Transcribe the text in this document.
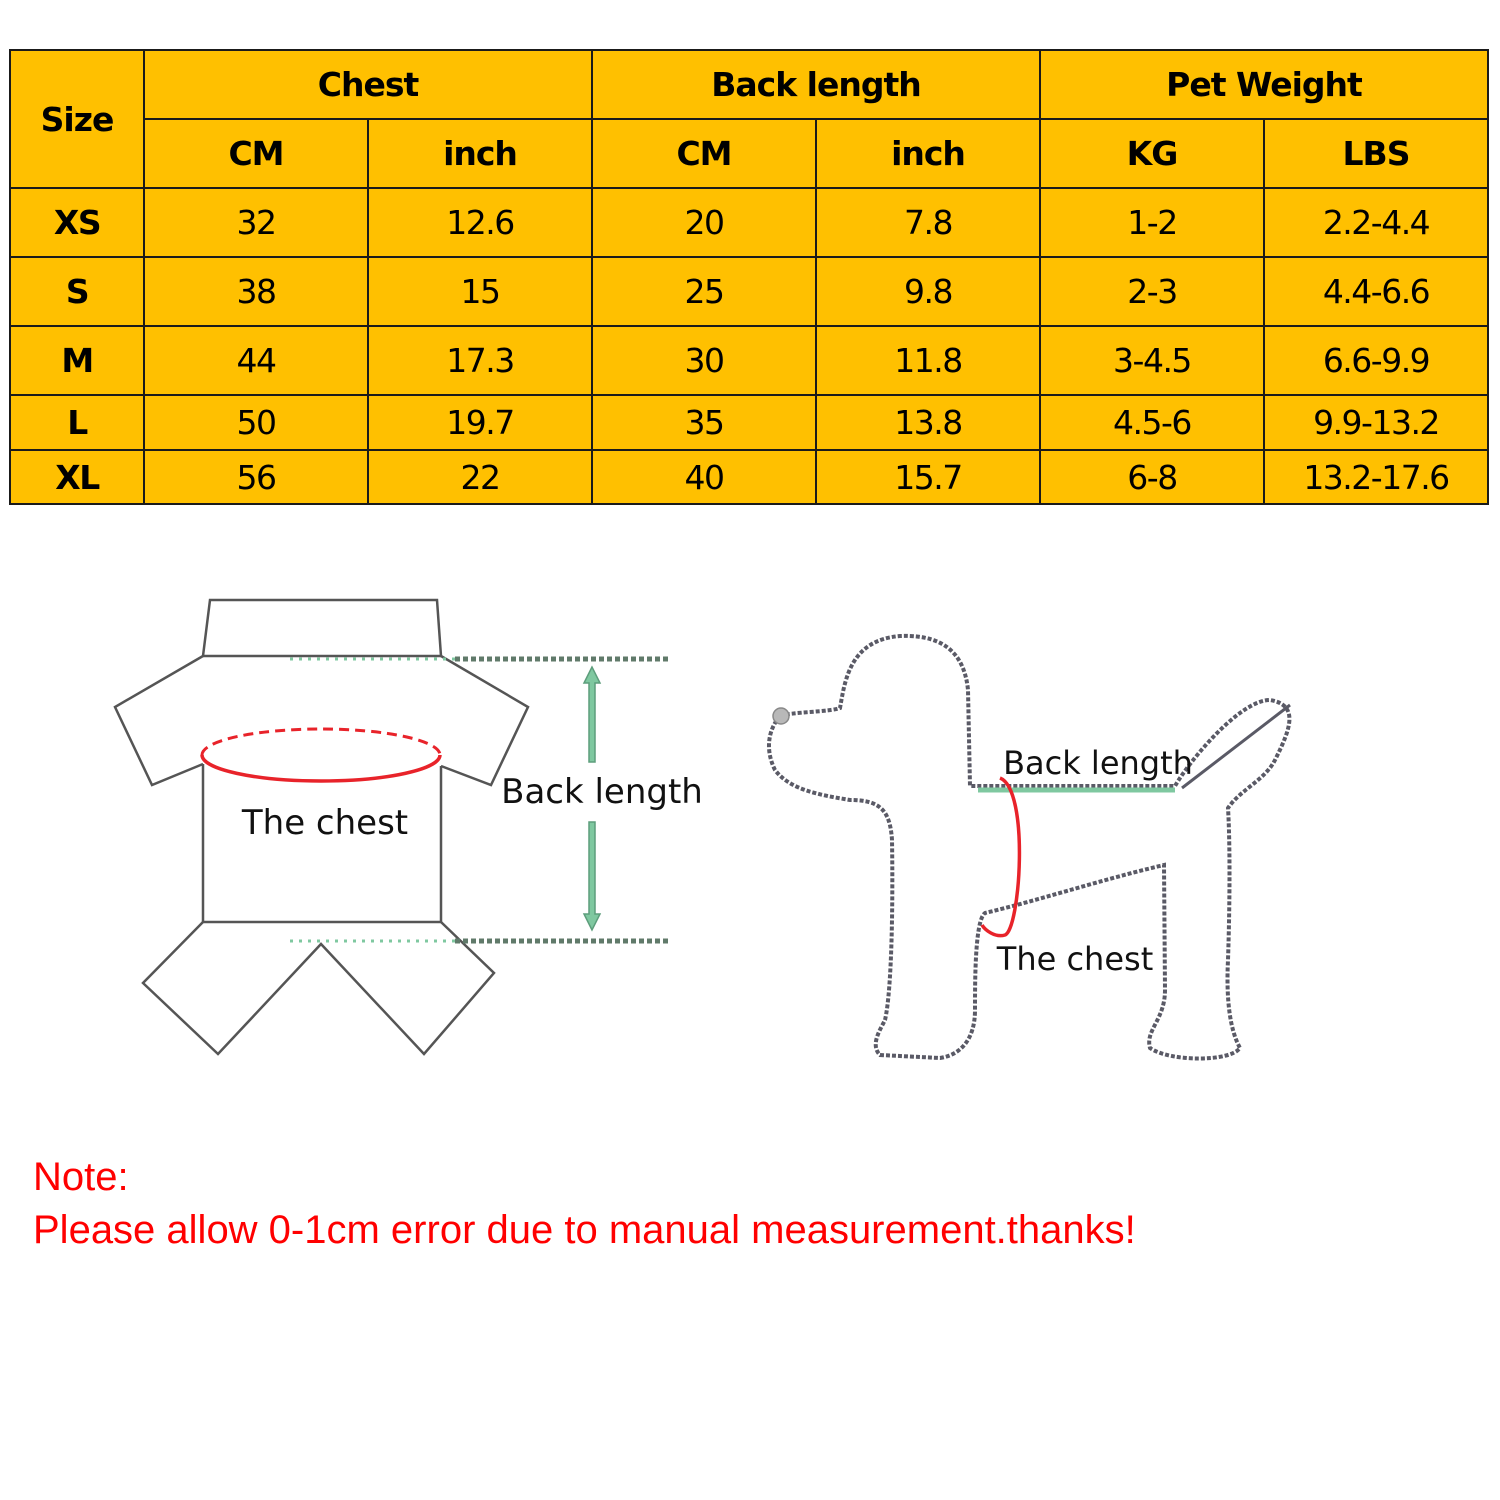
Size	Chest		Back length		Pet Weight	
	CM	inch	CM	inch	KG	LBS
XS	32	12.6	20	7.8	1-2	2.2-4.4
S	38	15	25	9.8	2-3	4.4-6.6
M	44	17.3	30	11.8	3-4.5	6.6-9.9
L	50	19.7	35	13.8	4.5-6	9.9-13.2
XL	56	22	40	15.7	6-8	13.2-17.6
The chest
Back length
Back length
The chest
Note:
Please allow 0-1cm error due to manual measurement.thanks!
